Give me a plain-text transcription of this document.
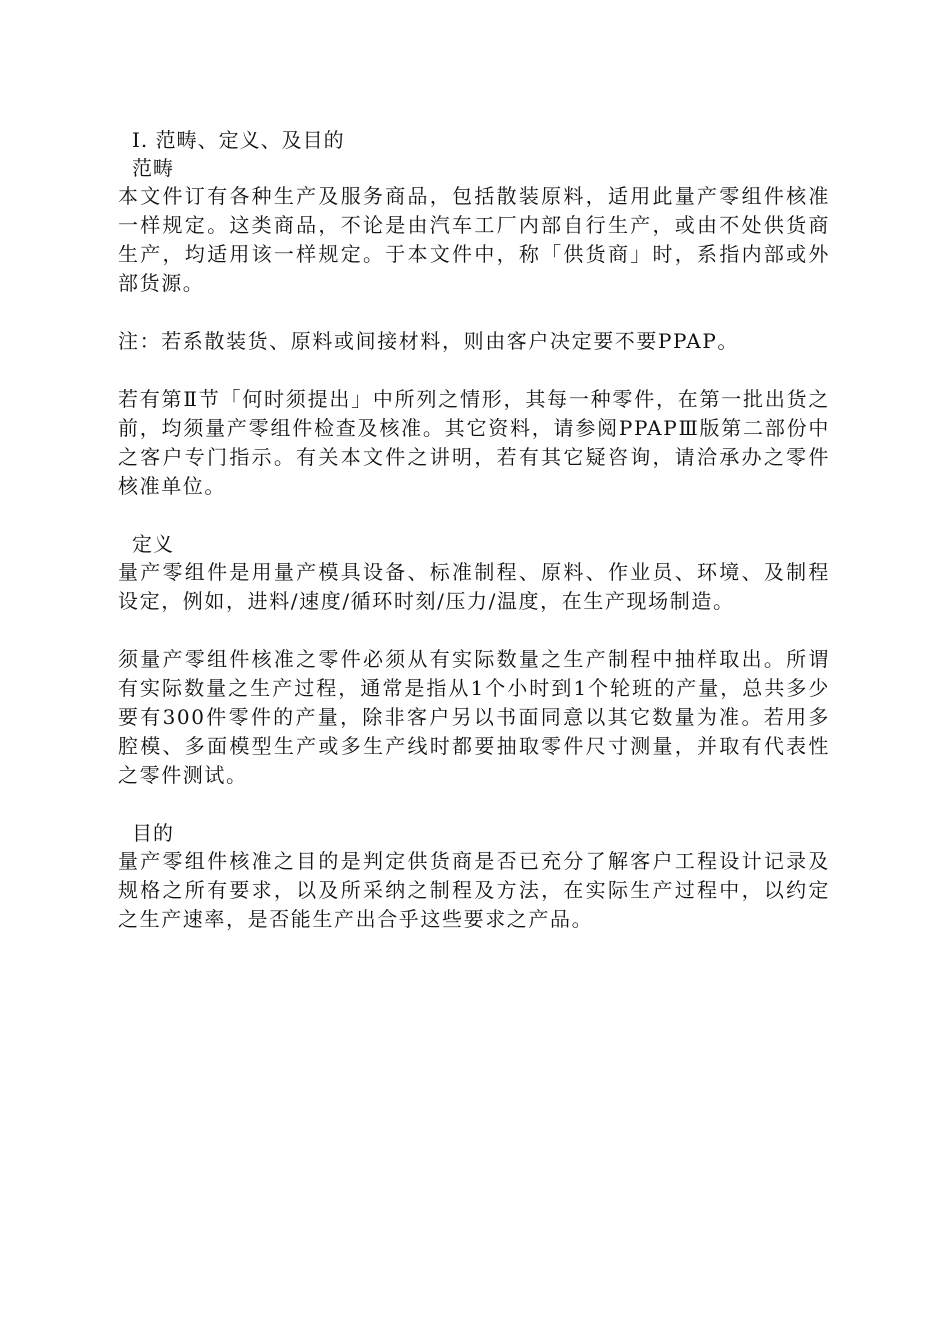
I. 范畴、定义、及目的
范畴

本文件订有各种生产及服务商品，包括散装原料，适用此量产零组件核准一样规定。这类商品，不论是由汽车工厂内部自行生产，或由不处供货商生产，均适用该一样规定。于本文件中，称「供货商」时，系指内部或外部货源。

注：若系散装货、原料或间接材料，则由客户决定要不要PPAP。

若有第Ⅱ节「何时须提出」中所列之情形，其每一种零件，在第一批出货之前，均须量产零组件检查及核准。其它资料，请参阅PPAPⅢ版第二部份中之客户专门指示。有关本文件之讲明，若有其它疑咨询，请洽承办之零件核准单位。

定义

量产零组件是用量产模具设备、标准制程、原料、作业员、环境、及制程设定，例如，进料/速度/循环时刻/压力/温度，在生产现场制造。

须量产零组件核准之零件必须从有实际数量之生产制程中抽样取出。所谓有实际数量之生产过程，通常是指从1个小时到1个轮班的产量，总共多少要有300件零件的产量，除非客户另以书面同意以其它数量为准。若用多腔模、多面模型生产或多生产线时都要抽取零件尺寸测量，并取有代表性之零件测试。

目的

量产零组件核准之目的是判定供货商是否已充分了解客户工程设计记录及规格之所有要求，以及所采纳之制程及方法，在实际生产过程中，以约定之生产速率，是否能生产出合乎这些要求之产品。
